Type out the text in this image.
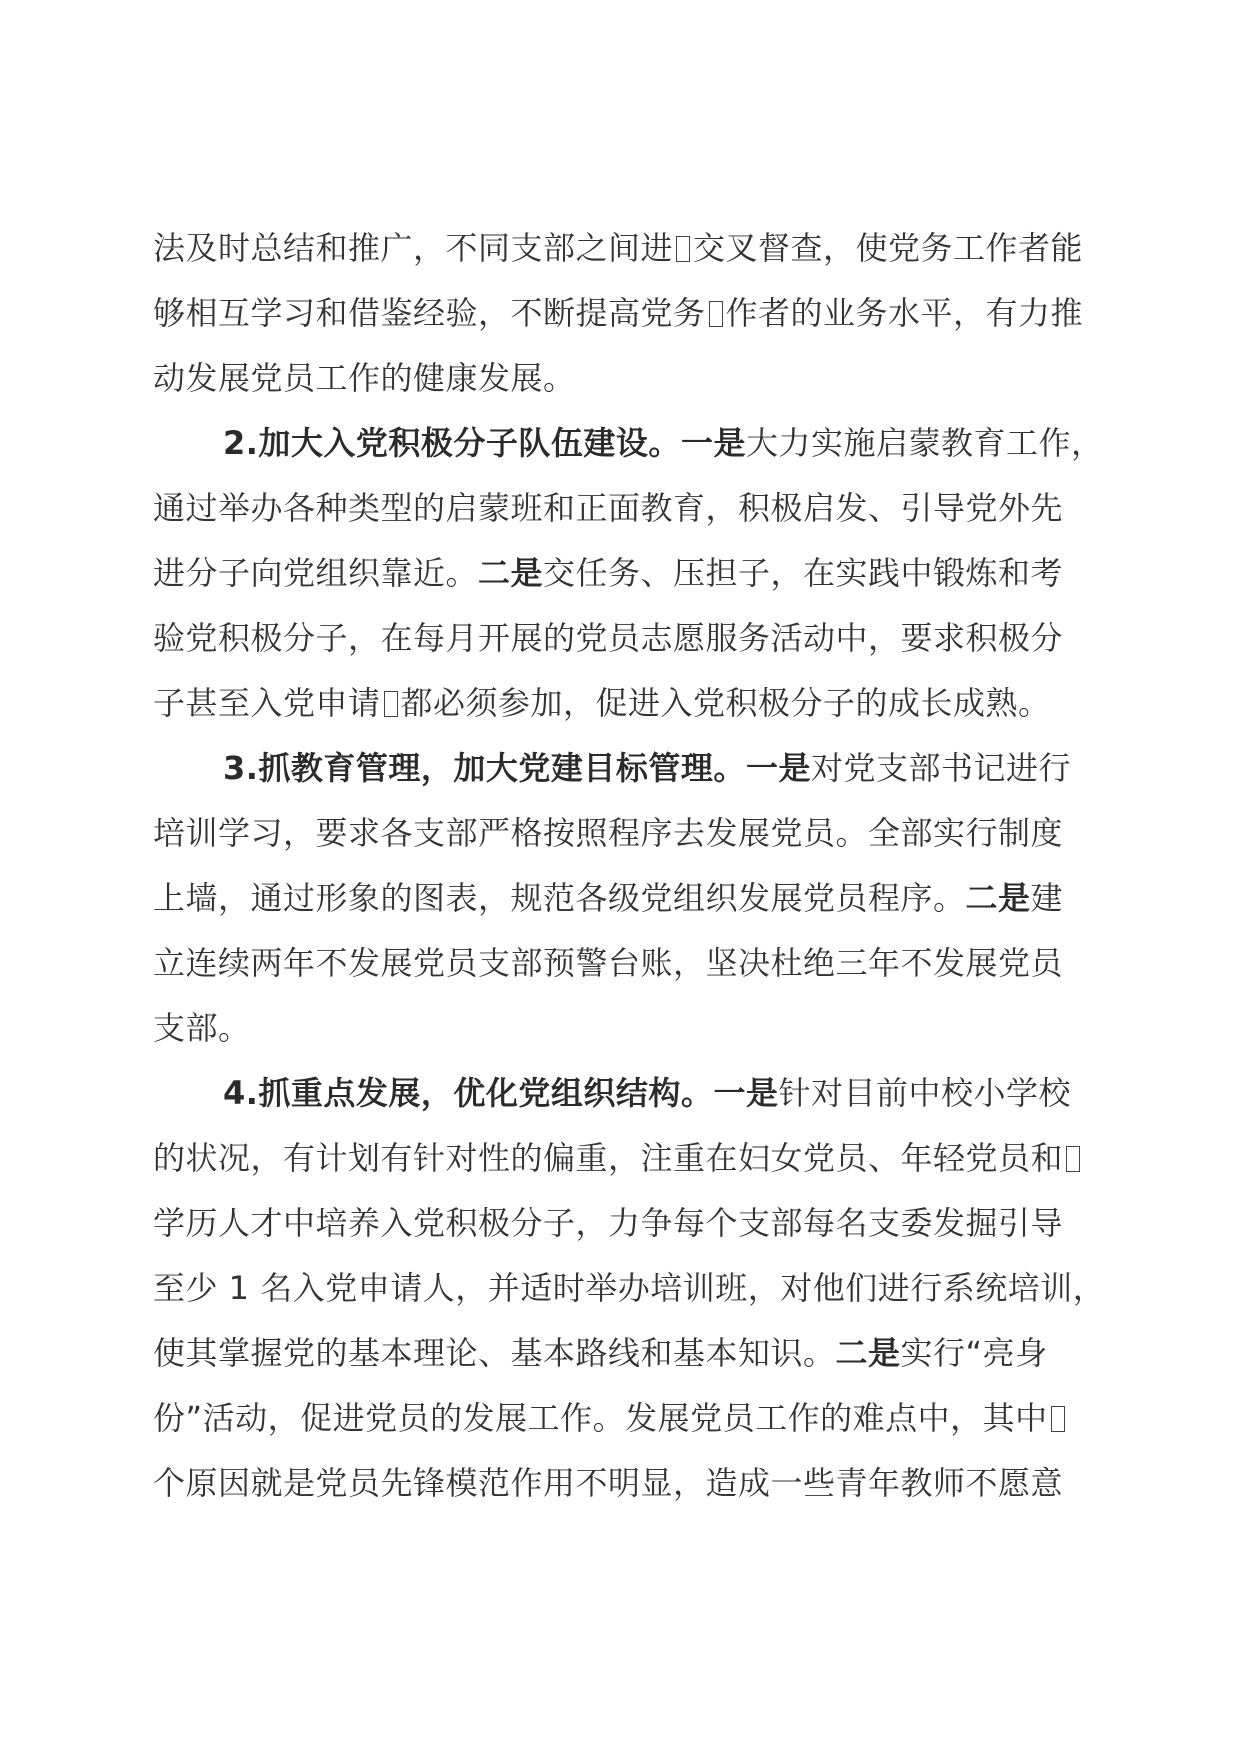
法及时总结和推广，不同支部之间进 交叉督查，使党务工作者能
够相互学习和借鉴经验，不断提高党务 作者的业务水平，有力推
动发展党员工作的健康发展。
2.加大入党积极分子队伍建设。一是大力实施启蒙教育工作，
通过举办各种类型的启蒙班和正面教育，积极启发、引导党外先
进分子向党组织靠近。二是交任务、压担子，在实践中锻炼和考
验党积极分子，在每月开展的党员志愿服务活动中，要求积极分
子甚至入党申请 都必须参加，促进入党积极分子的成长成熟。
3.抓教育管理，加大党建目标管理。一是对党支部书记进行
培训学习，要求各支部严格按照程序去发展党员。全部实行制度
上墙，通过形象的图表，规范各级党组织发展党员程序。二是建
立连续两年不发展党员支部预警台账，坚决杜绝三年不发展党员
支部。
4.抓重点发展，优化党组织结构。一是针对目前中校小学校
的状况，有计划有针对性的偏重，注重在妇女党员、年轻党员和
学历人才中培养入党积极分子，力争每个支部每名支委发掘引导
至少 1 名入党申请人，并适时举办培训班，对他们进行系统培训，
使其掌握党的基本理论、基本路线和基本知识。二是实行“亮身
份”活动，促进党员的发展工作。发展党员工作的难点中，其中
个原因就是党员先锋模范作用不明显，造成一些青年教师不愿意
